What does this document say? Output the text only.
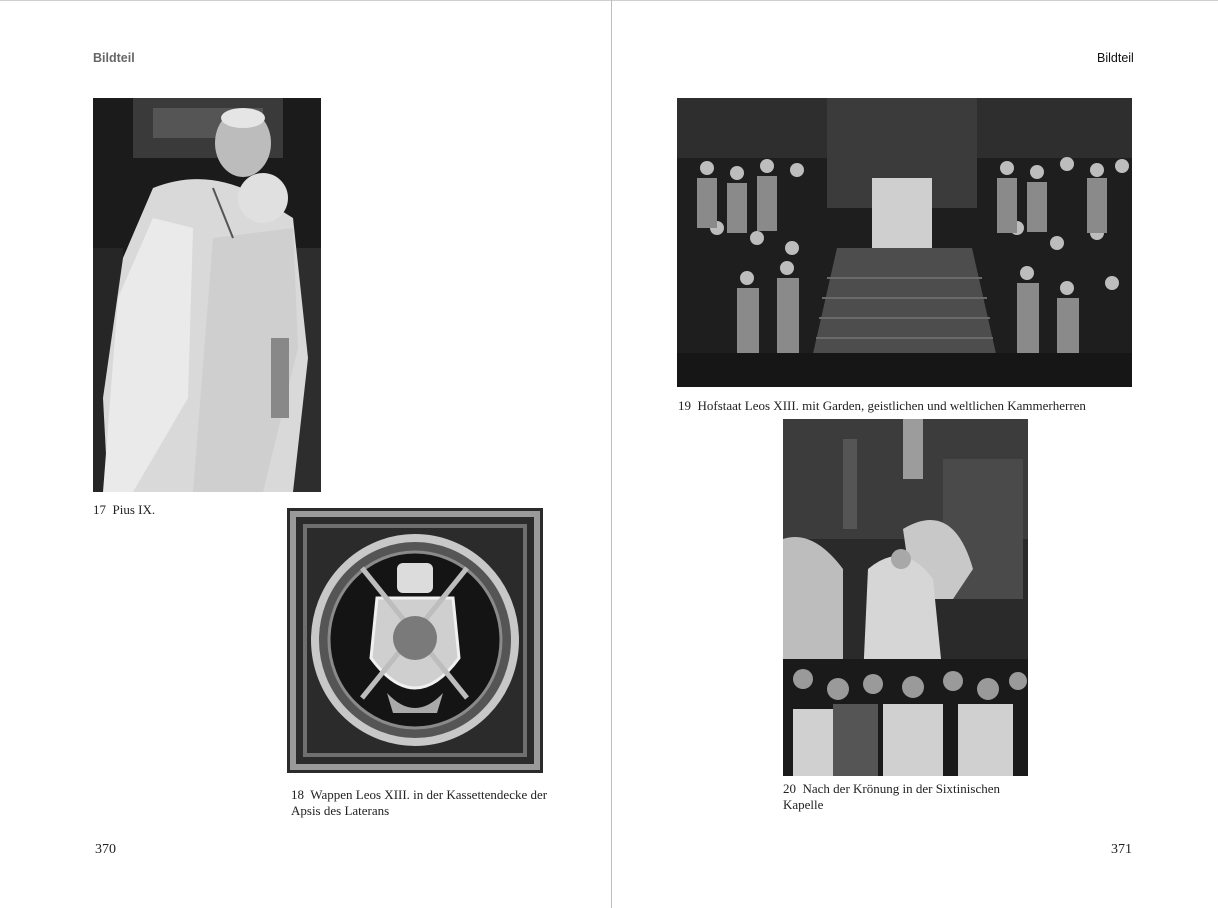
Bildteil
17 Pius IX.
18 Wappen Leos XIII. in der Kassettendecke der
Apsis des Laterans
370
Bildteil
19 Hofstaat Leos XIII. mit Garden, geistlichen und weltlichen Kammerherren
20 Nach der Krönung in der Sixtinischen
Kapelle
371
